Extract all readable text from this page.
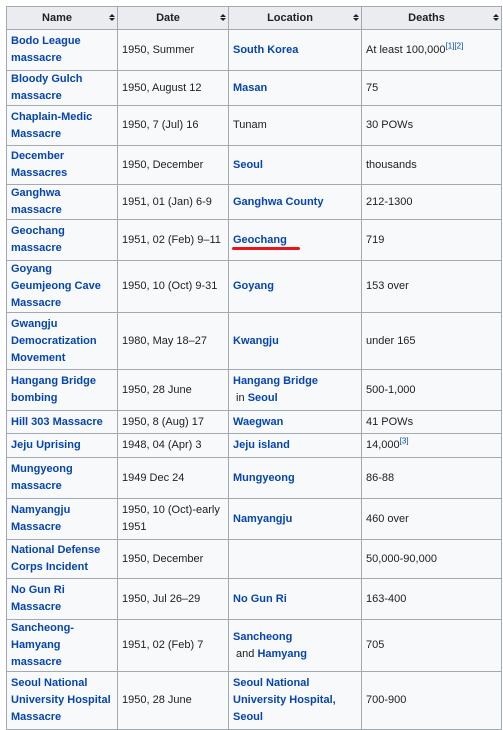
Name	Date	Location	Deaths

Bodo League massacre	1950, Summer	South Korea	At least 100,000[1][2]
Bloody Gulch massacre	1950, August 12	Masan	75
Chaplain-Medic Massacre	1950, 7 (Jul) 16	Tunam	30 POWs
December Massacres	1950, December	Seoul	thousands
Ganghwa massacre	1951, 01 (Jan) 6-9	Ganghwa County	212-1300
Geochang massacre	1951, 02 (Feb) 9–11	Geochang	719
Goyang Geumjeong Cave Massacre	1950, 10 (Oct) 9-31	Goyang	153 over
Gwangju Democratization Movement	1980, May 18–27	Kwangju	under 165
Hangang Bridge bombing	1950, 28 June	Hangang Bridge in Seoul	500-1,000
Hill 303 Massacre	1950, 8 (Aug) 17	Waegwan	41 POWs
Jeju Uprising	1948, 04 (Apr) 3	Jeju island	14,000[3]
Mungyeong massacre	1949 Dec 24	Mungyeong	86-88
Namyangju Massacre	1950, 10 (Oct)-early 1951	Namyangju	460 over
National Defense Corps Incident	1950, December		50,000-90,000
No Gun Ri Massacre	1950, Jul 26–29	No Gun Ri	163-400
Sancheong-Hamyang massacre	1951, 02 (Feb) 7	Sancheong and Hamyang	705
Seoul National University Hospital Massacre	1950, 28 June	Seoul National University Hospital, Seoul	700-900
